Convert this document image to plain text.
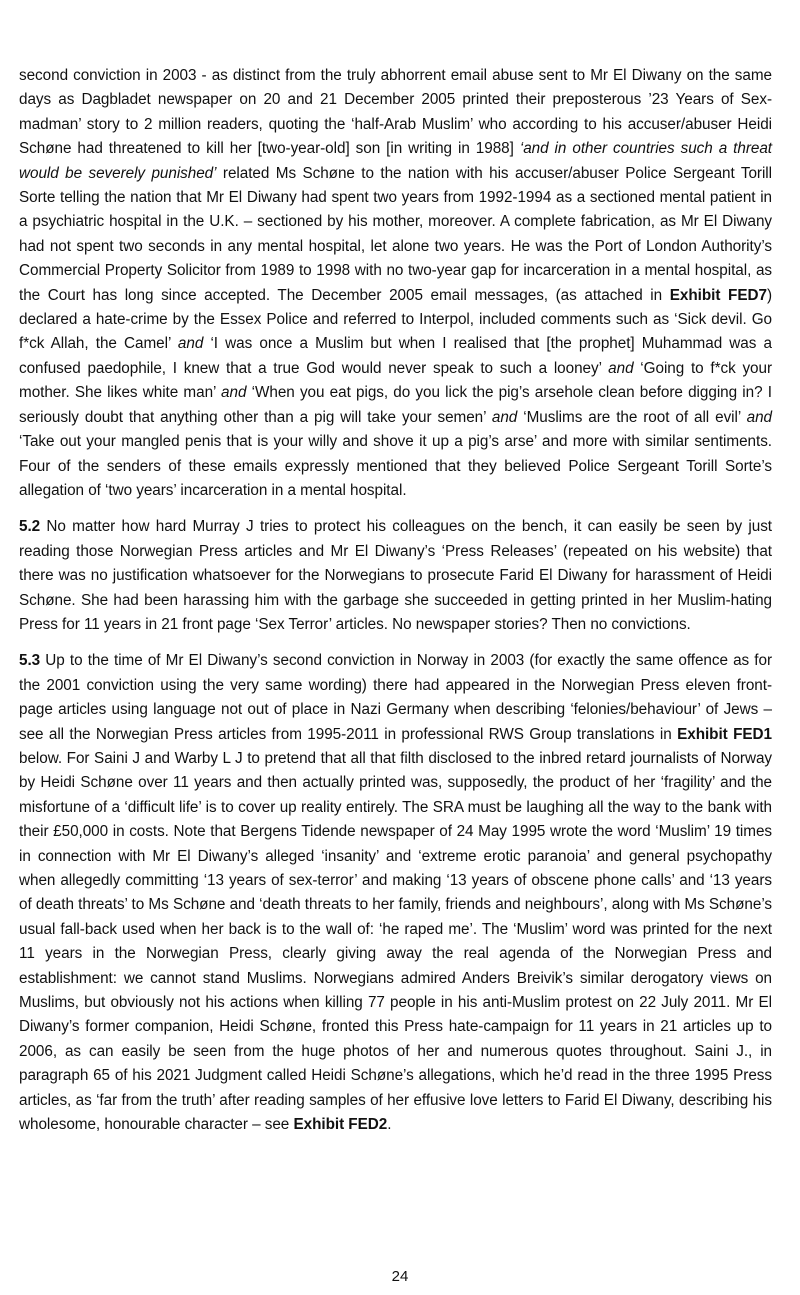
second conviction in 2003 - as distinct from the truly abhorrent email abuse sent to Mr El Diwany on the same days as Dagbladet newspaper on 20 and 21 December 2005 printed their preposterous ’23 Years of Sex-madman’ story to 2 million readers, quoting the ‘half-Arab Muslim’ who according to his accuser/abuser Heidi Schøne had threatened to kill her [two-year-old] son [in writing in 1988] ‘and in other countries such a threat would be severely punished’ related Ms Schøne to the nation with his accuser/abuser Police Sergeant Torill Sorte telling the nation that Mr El Diwany had spent two years from 1992-1994 as a sectioned mental patient in a psychiatric hospital in the U.K. – sectioned by his mother, moreover. A complete fabrication, as Mr El Diwany had not spent two seconds in any mental hospital, let alone two years. He was the Port of London Authority’s Commercial Property Solicitor from 1989 to 1998 with no two-year gap for incarceration in a mental hospital, as the Court has long since accepted. The December 2005 email messages, (as attached in Exhibit FED7) declared a hate-crime by the Essex Police and referred to Interpol, included comments such as ‘Sick devil. Go f*ck Allah, the Camel’ and ‘I was once a Muslim but when I realised that [the prophet] Muhammad was a confused paedophile, I knew that a true God would never speak to such a looney’ and ‘Going to f*ck your mother. She likes white man’ and ‘When you eat pigs, do you lick the pig’s arsehole clean before digging in? I seriously doubt that anything other than a pig will take your semen’ and ‘Muslims are the root of all evil’ and ‘Take out your mangled penis that is your willy and shove it up a pig’s arse’ and more with similar sentiments. Four of the senders of these emails expressly mentioned that they believed Police Sergeant Torill Sorte’s allegation of ‘two years’ incarceration in a mental hospital.

5.2 No matter how hard Murray J tries to protect his colleagues on the bench, it can easily be seen by just reading those Norwegian Press articles and Mr El Diwany’s ‘Press Releases’ (repeated on his website) that there was no justification whatsoever for the Norwegians to prosecute Farid El Diwany for harassment of Heidi Schøne. She had been harassing him with the garbage she succeeded in getting printed in her Muslim-hating Press for 11 years in 21 front page ‘Sex Terror’ articles. No newspaper stories? Then no convictions.

5.3 Up to the time of Mr El Diwany’s second conviction in Norway in 2003 (for exactly the same offence as for the 2001 conviction using the very same wording) there had appeared in the Norwegian Press eleven front-page articles using language not out of place in Nazi Germany when describing ‘felonies/behaviour’ of Jews – see all the Norwegian Press articles from 1995-2011 in professional RWS Group translations in Exhibit FED1 below. For Saini J and Warby L J to pretend that all that filth disclosed to the inbred retard journalists of Norway by Heidi Schøne over 11 years and then actually printed was, supposedly, the product of her ‘fragility’ and the misfortune of a ‘difficult life’ is to cover up reality entirely. The SRA must be laughing all the way to the bank with their £50,000 in costs. Note that Bergens Tidende newspaper of 24 May 1995 wrote the word ‘Muslim’ 19 times in connection with Mr El Diwany’s alleged ‘insanity’ and ‘extreme erotic paranoia’ and general psychopathy when allegedly committing ‘13 years of sex-terror’ and making ‘13 years of obscene phone calls’ and ‘13 years of death threats’ to Ms Schøne and ‘death threats to her family, friends and neighbours’, along with Ms Schøne’s usual fall-back used when her back is to the wall of: ‘he raped me’. The ‘Muslim’ word was printed for the next 11 years in the Norwegian Press, clearly giving away the real agenda of the Norwegian Press and establishment: we cannot stand Muslims. Norwegians admired Anders Breivik’s similar derogatory views on Muslims, but obviously not his actions when killing 77 people in his anti-Muslim protest on 22 July 2011. Mr El Diwany’s former companion, Heidi Schøne, fronted this Press hate-campaign for 11 years in 21 articles up to 2006, as can easily be seen from the huge photos of her and numerous quotes throughout. Saini J., in paragraph 65 of his 2021 Judgment called Heidi Schøne’s allegations, which he’d read in the three 1995 Press articles, as ‘far from the truth’ after reading samples of her effusive love letters to Farid El Diwany, describing his wholesome, honourable character – see Exhibit FED2.

24
